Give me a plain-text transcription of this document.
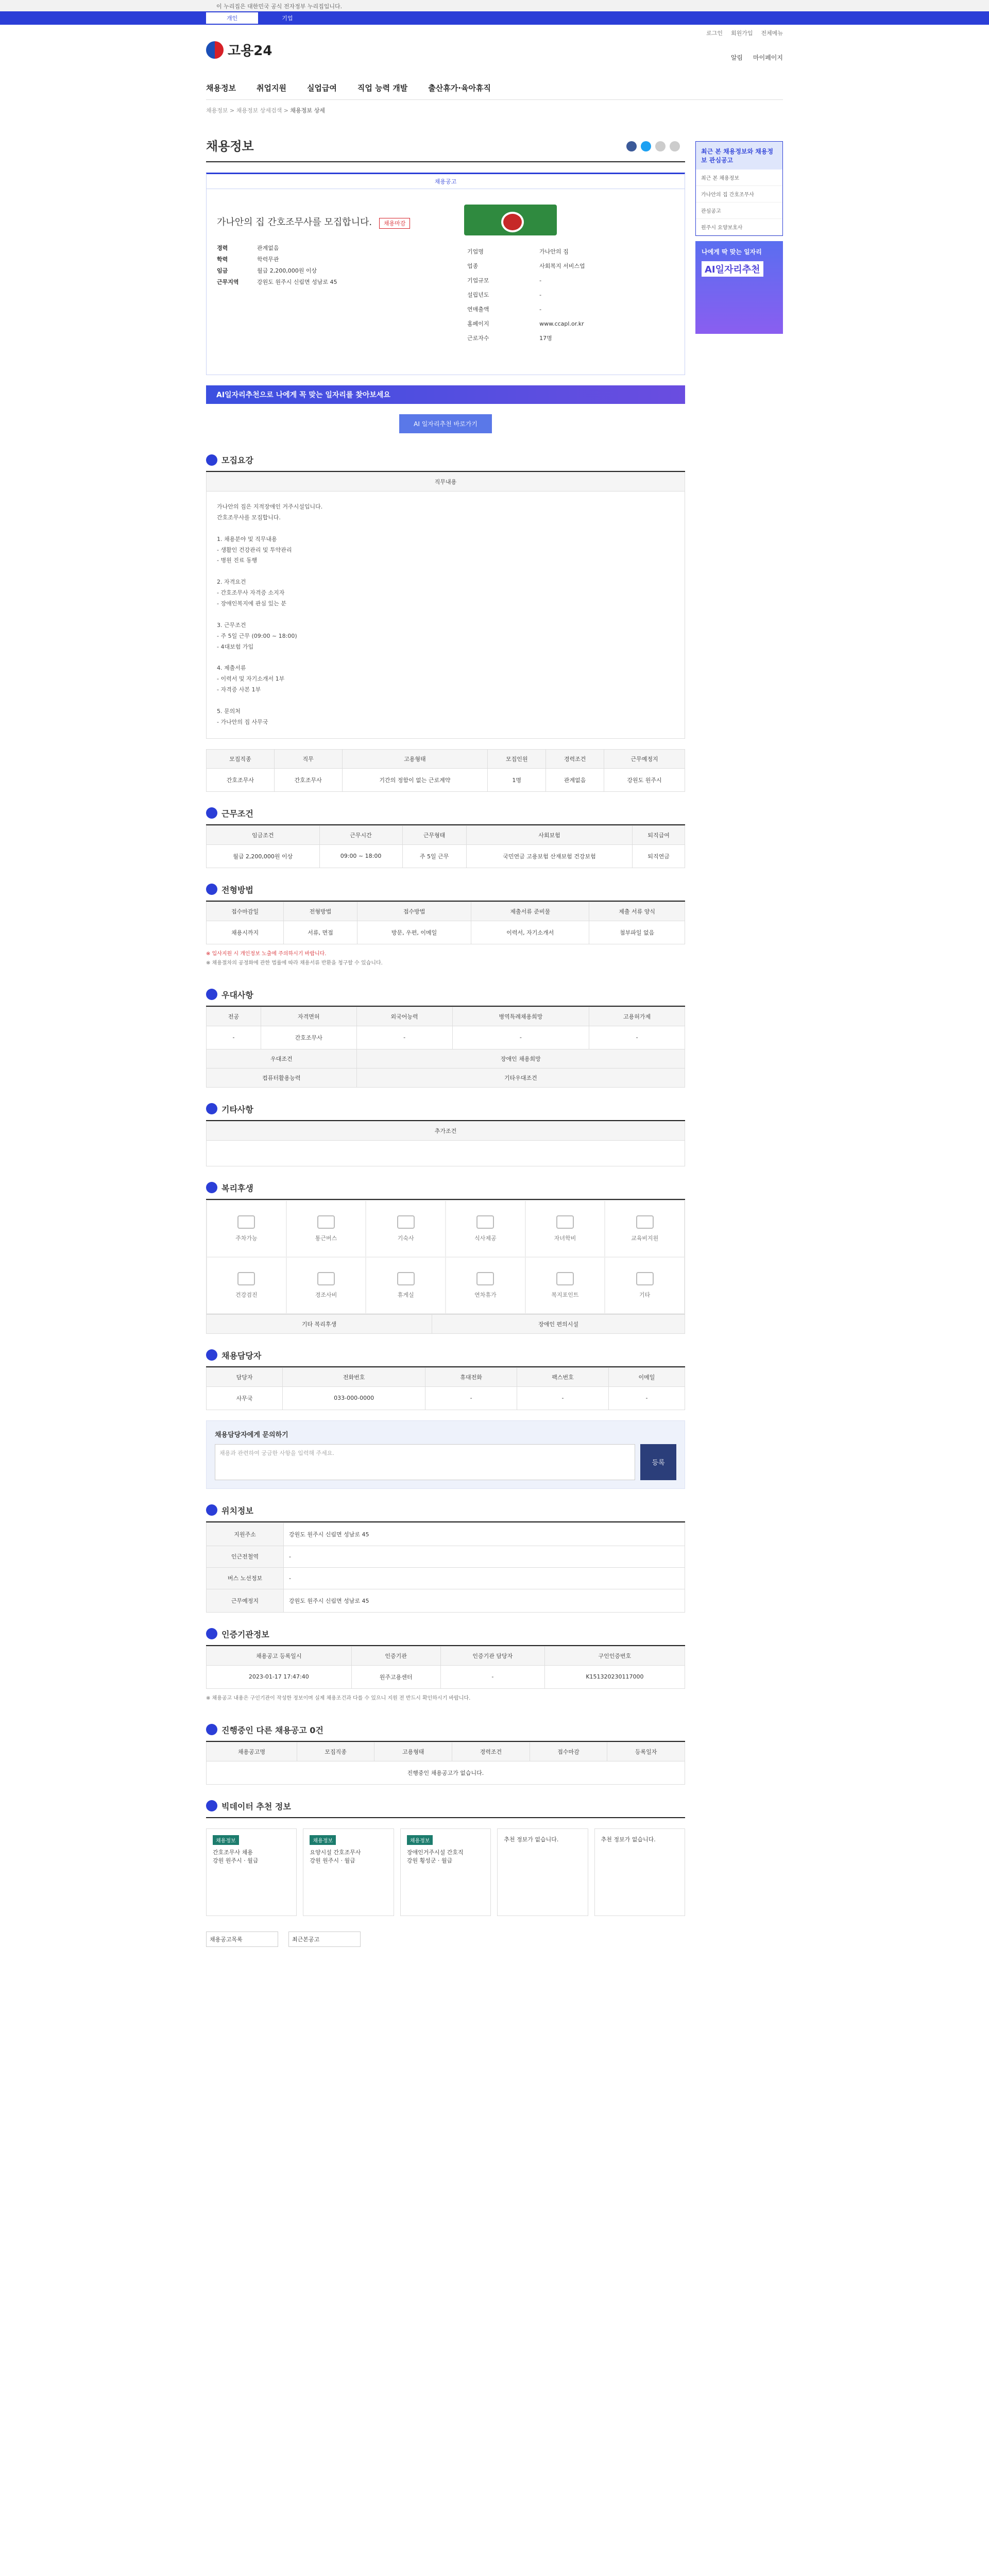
이 누리집은 대한민국 공식 전자정부 누리집입니다.
개인	기업
고용24
로그인 회원가입 전체메뉴
알림 마이페이지
채용정보	취업지원	실업급여	직업 능력 개발	출산휴가·육아휴직
채용정보 > 채용정보 상세검색 > 채용정보 상세
채용정보
채용공고
가나안의 집 간호조무사를 모집합니다. 채용마감
경력	관계없음
학력	학력무관
임금	월급 2,200,000원 이상
근무지역	강원도 원주시 신림면 성남로 45
기업명	가나안의 집
업종	사회복지 서비스업
기업규모	-
설립년도	-
연매출액	-
홈페이지	www.ccapl.or.kr
근로자수	17명
AI일자리추천으로 나에게 꼭 맞는 일자리를 찾아보세요
AI 일자리추천 바로가기
모집요강
직무내용
가나안의 집은 지적장애인 거주시설입니다.
간호조무사를 모집합니다.

1. 채용분야 및 직무내용
- 생활인 건강관리 및 투약관리
- 병원 진료 동행

2. 자격요건
- 간호조무사 자격증 소지자
- 장애인복지에 관심 있는 분

3. 근무조건
- 주 5일 근무 (09:00 ~ 18:00)
- 4대보험 가입

4. 제출서류
- 이력서 및 자기소개서 1부
- 자격증 사본 1부

5. 문의처
- 가나안의 집 사무국
모집직종	직무	고용형태	모집인원	경력조건	근무예정지
간호조무사	간호조무사	기간의 정함이 없는 근로계약	1명	관계없음	강원도 원주시
근무조건
임금조건	근무시간	근무형태	사회보험	퇴직급여
월급 2,200,000원 이상	09:00 ~ 18:00	주 5일 근무	국민연금 고용보험 산재보험 건강보험	퇴직연금
전형방법
접수마감일	전형방법	접수방법	제출서류 준비물	제출 서류 양식
채용시까지	서류, 면접	방문, 우편, 이메일	이력서, 자기소개서	첨부파일 없음
※ 입사지원 시 개인정보 노출에 주의하시기 바랍니다.
※ 채용절차의 공정화에 관한 법률에 따라 채용서류 반환을 청구할 수 있습니다.
우대사항
전공	자격면허	외국어능력	병역특례채용희망	고용허가제
-	간호조무사	-	-	-
우대조건		장애인 채용희망		
컴퓨터활용능력		기타우대조건		
기타사항
추가조건

복리후생
주차가능	통근버스	기숙사	식사제공	자녀학비	교육비지원
건강검진	경조사비	휴게실	연차휴가	복지포인트	기타
기타 복리후생	장애인 편의시설
채용담당자
담당자	전화번호	휴대전화	팩스번호	이메일
사무국	033-000-0000	-	-	-
채용담당자에게 문의하기
채용과 관련하여 궁금한 사항을 입력해 주세요.
등록
위치정보
지원주소	강원도 원주시 신림면 성남로 45
인근전철역	-
버스 노선정보	-
근무예정지	강원도 원주시 신림면 성남로 45
인증기관정보
채용공고 등록일시	인증기관	인증기관 담당자	구인인증번호
2023-01-17 17:47:40	원주고용센터	-	K151320230117000
※ 채용공고 내용은 구인기관이 작성한 정보이며 실제 채용조건과 다를 수 있으니 지원 전 반드시 확인하시기 바랍니다.
진행중인 다른 채용공고 0건
채용공고명	모집직종	고용형태	경력조건	접수마감	등록일자
진행중인 채용공고가 없습니다.
빅데이터 추천 정보
채용정보
간호조무사 채용
강원 원주시 · 월급
채용정보
요양시설 간호조무사
강원 원주시 · 월급
채용정보
장애인거주시설 간호직
강원 횡성군 · 월급
추천 정보가 없습니다.	추천 정보가 없습니다.
채용공고목록	최근본공고
최근 본 채용정보와 채용정보 관심공고
최근 본 채용정보
가나안의 집 간호조무사
관심공고
원주시 요양보호사
나에게 딱 맞는 일자리
AI일자리추천
